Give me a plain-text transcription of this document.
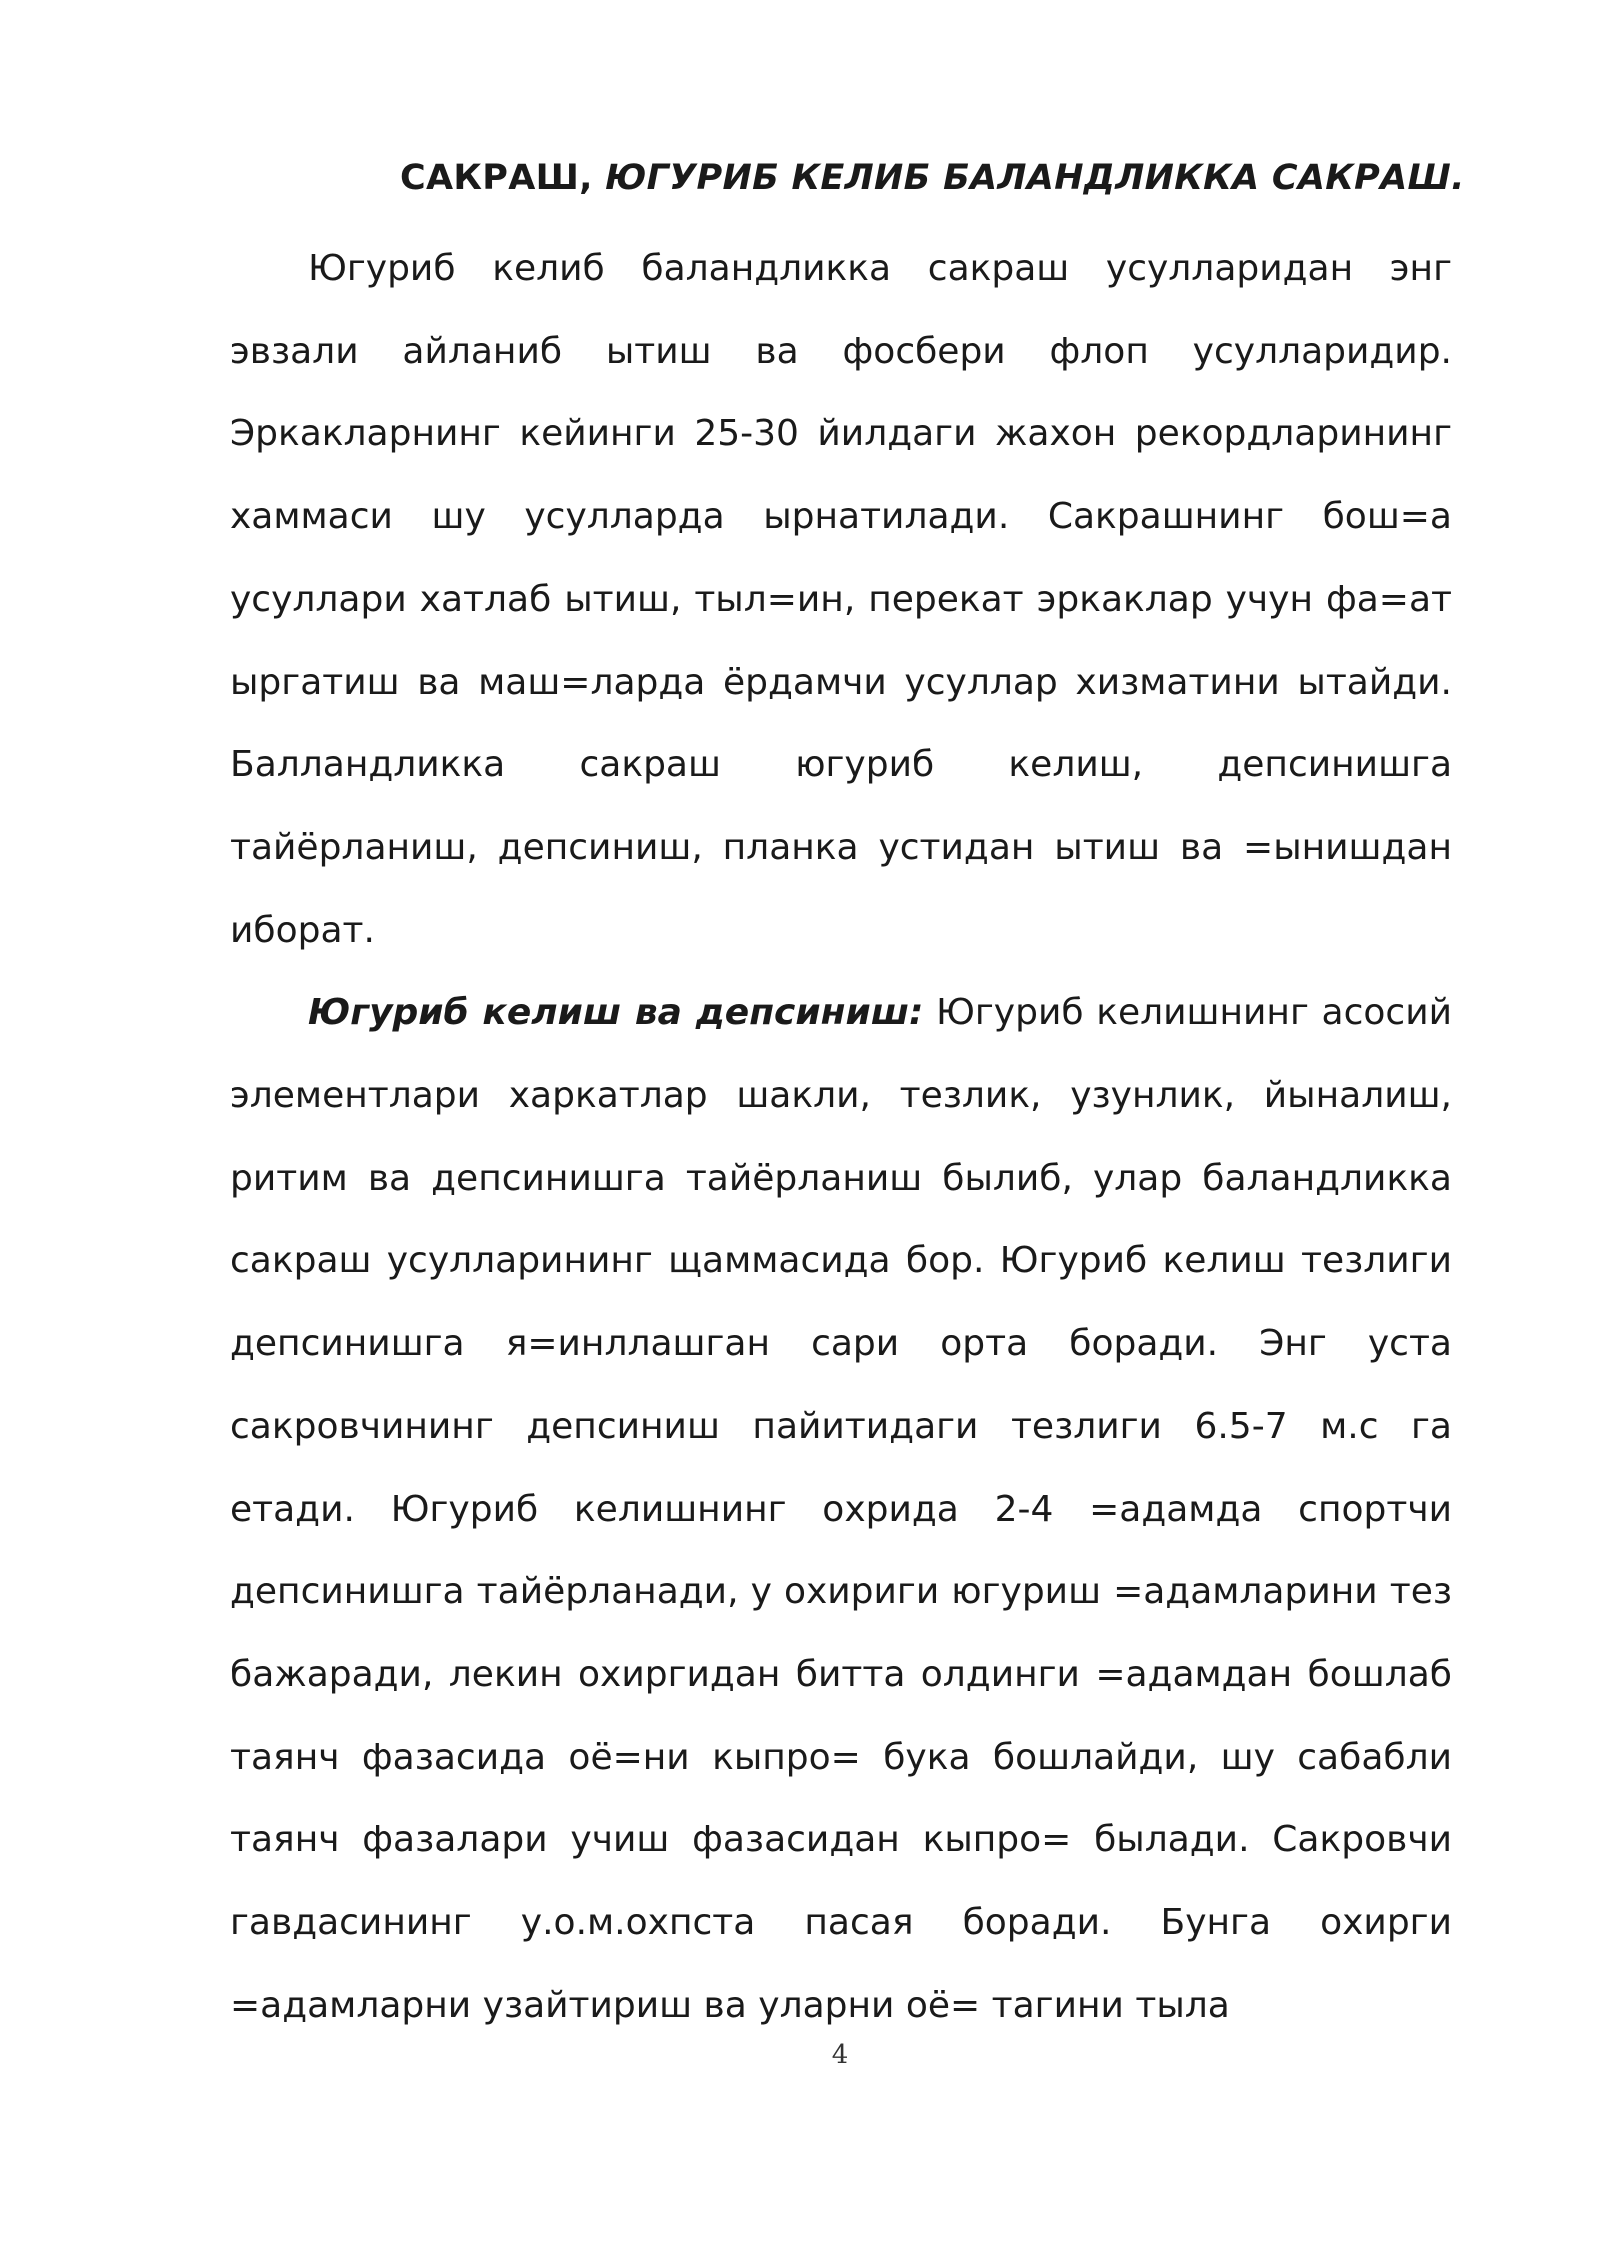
САКРАШ, ЮГУРИБ КЕЛИБ БАЛАНДЛИККА САКРАШ.

Югуриб келиб баландликка сакраш усулларидан энг эвзали айланиб ытиш ва фосбери флоп усулларидир. Эркакларнинг кейинги 25-30 йилдаги жахон рекордларининг хаммаси шу усулларда ырнатилади. Сакрашнинг бош=а усуллари хатлаб ытиш, тыл=ин, перекат эркаклар учун фа=ат ыргатиш ва маш=ларда ёрдамчи усуллар хизматини ытайди. Балландликка сакраш югуриб келиш, депсинишга тайёрланиш, депсиниш, планка устидан ытиш ва =ынишдан иборат.

Югуриб келиш ва депсиниш: Югуриб келишнинг асосий элементлари харкатлар шакли, тезлик, узунлик, йыналиш, ритим ва депсинишга тайёрланиш былиб, улар баландликка сакраш усулларининг щаммасида бор. Югуриб келиш тезлиги депсинишга я=инллашган сари орта боради. Энг уста сакровчининг депсиниш пайитидаги тезлиги 6.5-7 м.с га етади. Югуриб келишнинг охрида 2-4 =адамда спортчи депсинишга тайёрланади, у охириги югуриш =адамларини тез бажаради, лекин охиргидан битта олдинги =адамдан бошлаб таянч фазасида оё=ни кыпро= бука бошлайди, шу сабабли таянч фазалари учиш фазасидан кыпро= былади. Сакровчи гавдасининг у.о.м.охпста пасая боради. Бунга охирги =адамларни узайтириш ва уларни оё= тагини тыла

4
